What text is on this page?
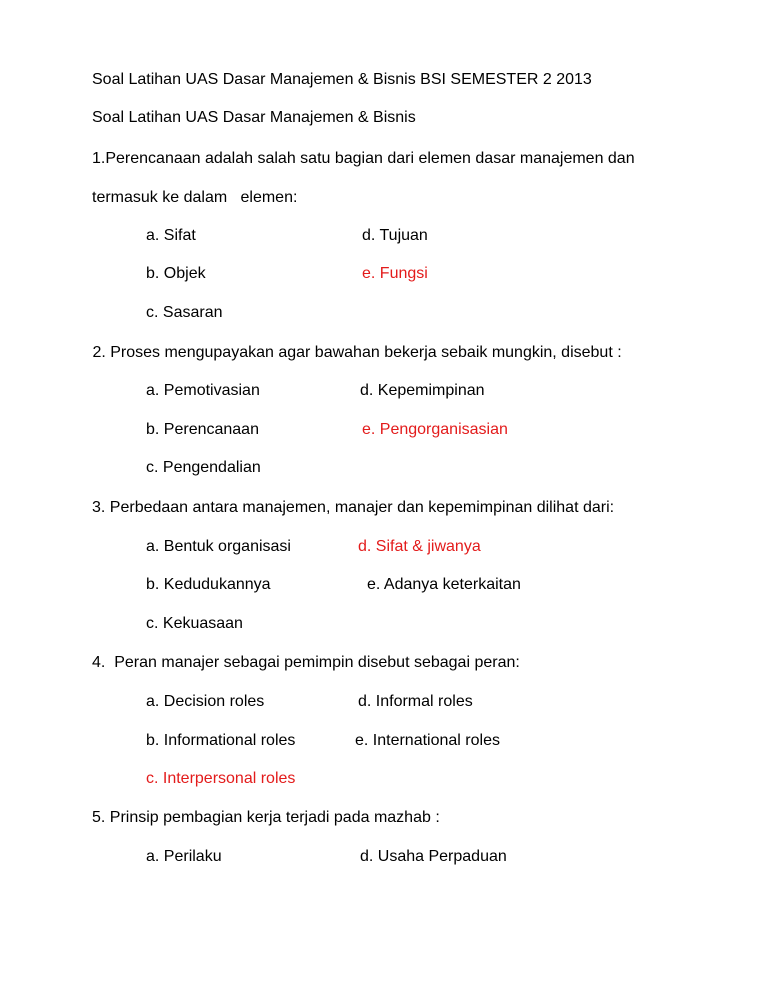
Soal Latihan UAS Dasar Manajemen & Bisnis BSI SEMESTER 2 2013
Soal Latihan UAS Dasar Manajemen & Bisnis
1.Perencanaan adalah salah satu bagian dari elemen dasar manajemen dan
termasuk ke dalam   elemen:
a. Sifat	d. Tujuan
b. Objek	e. Fungsi
c. Sasaran
2. Proses mengupayakan agar bawahan bekerja sebaik mungkin, disebut :
a. Pemotivasian	d. Kepemimpinan
b. Perencanaan	e. Pengorganisasian
c. Pengendalian
3. Perbedaan antara manajemen, manajer dan kepemimpinan dilihat dari:
a. Bentuk organisasi	d. Sifat & jiwanya
b. Kedudukannya	e. Adanya keterkaitan
c. Kekuasaan
4.  Peran manajer sebagai pemimpin disebut sebagai peran:
a. Decision roles	d. Informal roles
b. Informational roles	e. International roles
c. Interpersonal roles
5. Prinsip pembagian kerja terjadi pada mazhab :
a. Perilaku	d. Usaha Perpaduan
